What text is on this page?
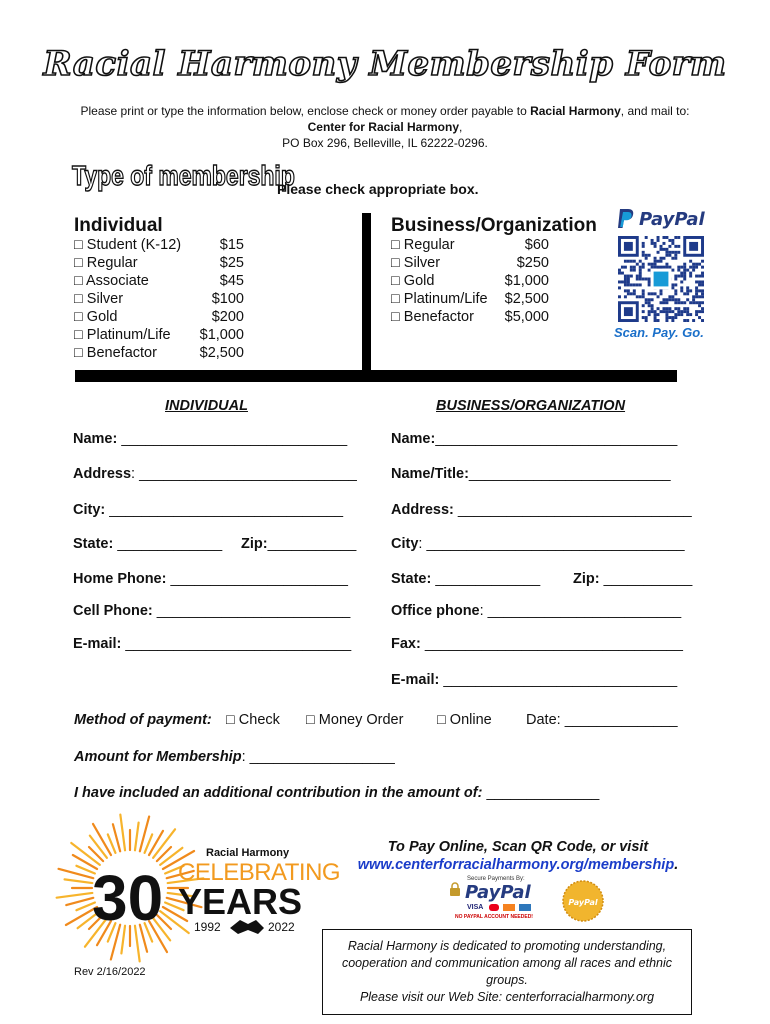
Racial Harmony Membership Form
Please print or type the information below, enclose check or money order payable to Racial Harmony, and mail to:
Center for Racial Harmony,
PO Box 296, Belleville, IL 62222-0296.
Type of membership
Please check appropriate box.
Individual
□ Student (K-12)	$15
□ Regular	$25
□ Associate	$45
□ Silver	$100
□ Gold	$200
□ Platinum/Life	$1,000
□ Benefactor	$2,500
Business/Organization
□ Regular	$60
□ Silver	$250
□ Gold	$1,000
□ Platinum/Life	$2,500
□ Benefactor	$5,000
PayPal
Scan. Pay. Go.
INDIVIDUAL
Name: ____________________________
Address: ___________________________
City: _____________________________
State: _____________ Zip:___________
Home Phone: ______________________
Cell Phone: ________________________
E-mail: ____________________________
BUSINESS/ORGANIZATION
Name:______________________________
Name/Title:_________________________
Address: _____________________________
City: ________________________________
State: _____________ Zip: ___________
Office phone: ________________________
Fax: ________________________________
E-mail: _____________________________
Method of payment: □ Check □ Money Order □ Online Date: ______________
Amount for Membership: __________________
I have included an additional contribution in the amount of: ______________
Racial Harmony
CELEBRATING
30 YEARS
1992	2022
To Pay Online, Scan QR Code, or visit
www.centerforracialharmony.org/membership.
Secure Payments By:
PayPal
VISA
NO PAYPAL ACCOUNT NEEDED!
PayPal
Racial Harmony is dedicated to promoting understanding,
cooperation and communication among all races and ethnic groups.
Please visit our Web Site: centerforracialharmony.org
Rev 2/16/2022
